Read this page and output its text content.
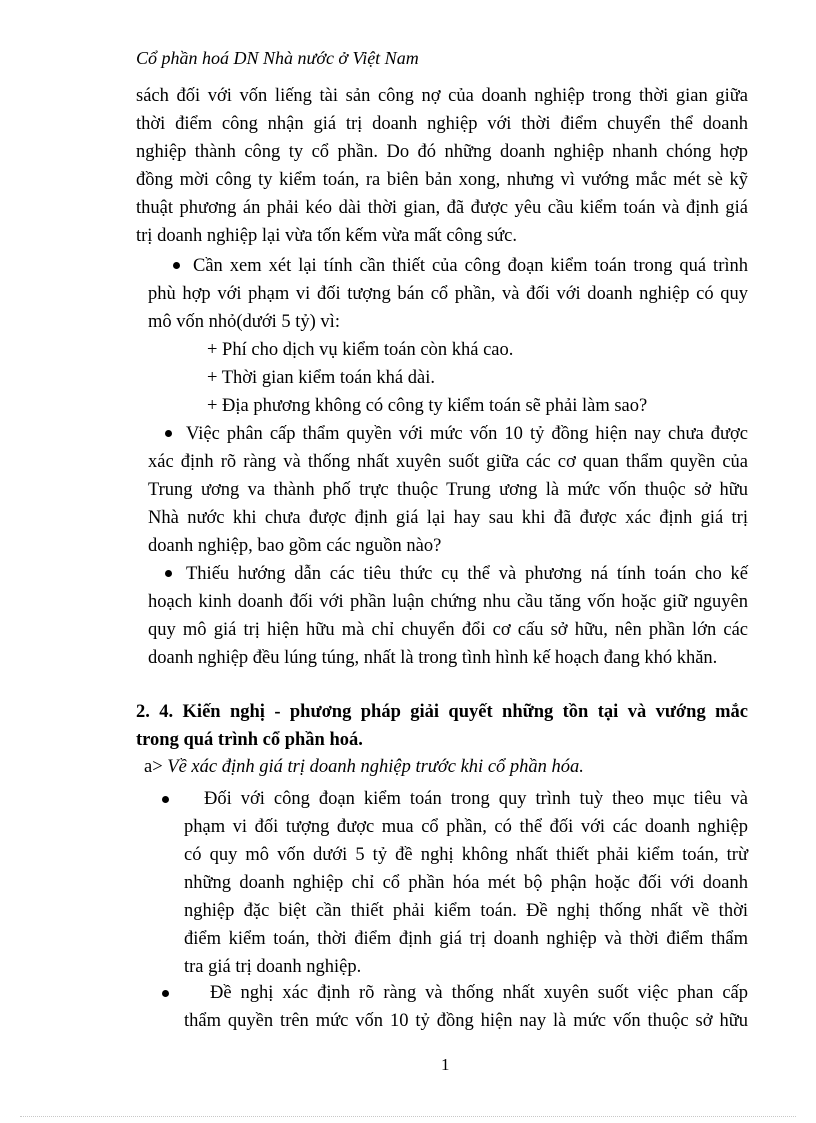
Cổ phần hoá DN Nhà nước ở Việt Nam
sách đối với vốn liếng tài sản công nợ của doanh nghiệp trong thời gian giữa
thời điểm công nhận giá trị doanh nghiệp với thời điểm chuyển thể doanh
nghiệp thành công ty cổ phần. Do đó những doanh nghiệp nhanh chóng hợp
đồng mời công ty kiểm toán, ra biên bản xong, nhưng vì vướng mắc mét sè kỹ
thuật phương án phải kéo dài thời gian, đã được yêu cầu kiểm toán và định giá
trị doanh nghiệp lại vừa tốn kếm vừa mất công sức.
Cần xem xét lại tính cần thiết của công đoạn kiểm toán trong quá trình
phù hợp với phạm vi đối tượng bán cổ phần, và đối với doanh nghiệp có quy
mô vốn nhỏ(dưới 5 tỷ) vì:
+ Phí cho dịch vụ kiểm toán còn khá cao.
+ Thời gian kiểm toán khá dài.
+ Địa phương không có công ty kiểm toán sẽ phải làm sao?
Việc phân cấp thẩm quyền với mức vốn 10 tỷ đồng hiện nay chưa được
xác định rõ ràng và thống nhất xuyên suốt giữa các cơ quan thẩm quyền của
Trung ương va thành phố trực thuộc Trung ương là mức vốn thuộc sở hữu
Nhà nước khi chưa được định giá lại hay sau khi đã được xác định giá trị
doanh nghiệp, bao gồm các nguồn nào?
Thiếu hướng dẫn các tiêu thức cụ thể và phương ná tính toán cho kế
hoạch kinh doanh đối với phần luận chứng nhu cầu tăng vốn hoặc giữ nguyên
quy mô giá trị hiện hữu mà chỉ chuyển đổi cơ cấu sở hữu, nên phần lớn các
doanh nghiệp đều lúng túng, nhất là trong tình hình kế hoạch đang khó khăn.
2. 4. Kiến nghị - phương pháp giải quyết những tồn tại và vướng mắc
trong quá trình cổ phần hoá.
a> Về xác định giá trị doanh nghiệp trước khi cổ phần hóa.
Đối với công đoạn kiểm toán trong quy trình tuỳ theo mục tiêu và
phạm vi đối tượng được mua cổ phần, có thể đối với các doanh nghiệp
có quy mô vốn dưới 5 tỷ đề nghị không nhất thiết phải kiểm toán, trừ
những doanh nghiệp chỉ cổ phần hóa mét bộ phận hoặc đối với doanh
nghiệp đặc biệt cần thiết phải kiểm toán. Đề nghị thống nhất về thời
điểm kiểm toán, thời điểm định giá trị doanh nghiệp và thời điểm thẩm
tra giá trị doanh nghiệp.
Đề nghị xác định rõ ràng và thống nhất xuyên suốt việc phan cấp
thẩm quyền trên mức vốn 10 tỷ đồng hiện nay là mức vốn thuộc sở hữu
1
